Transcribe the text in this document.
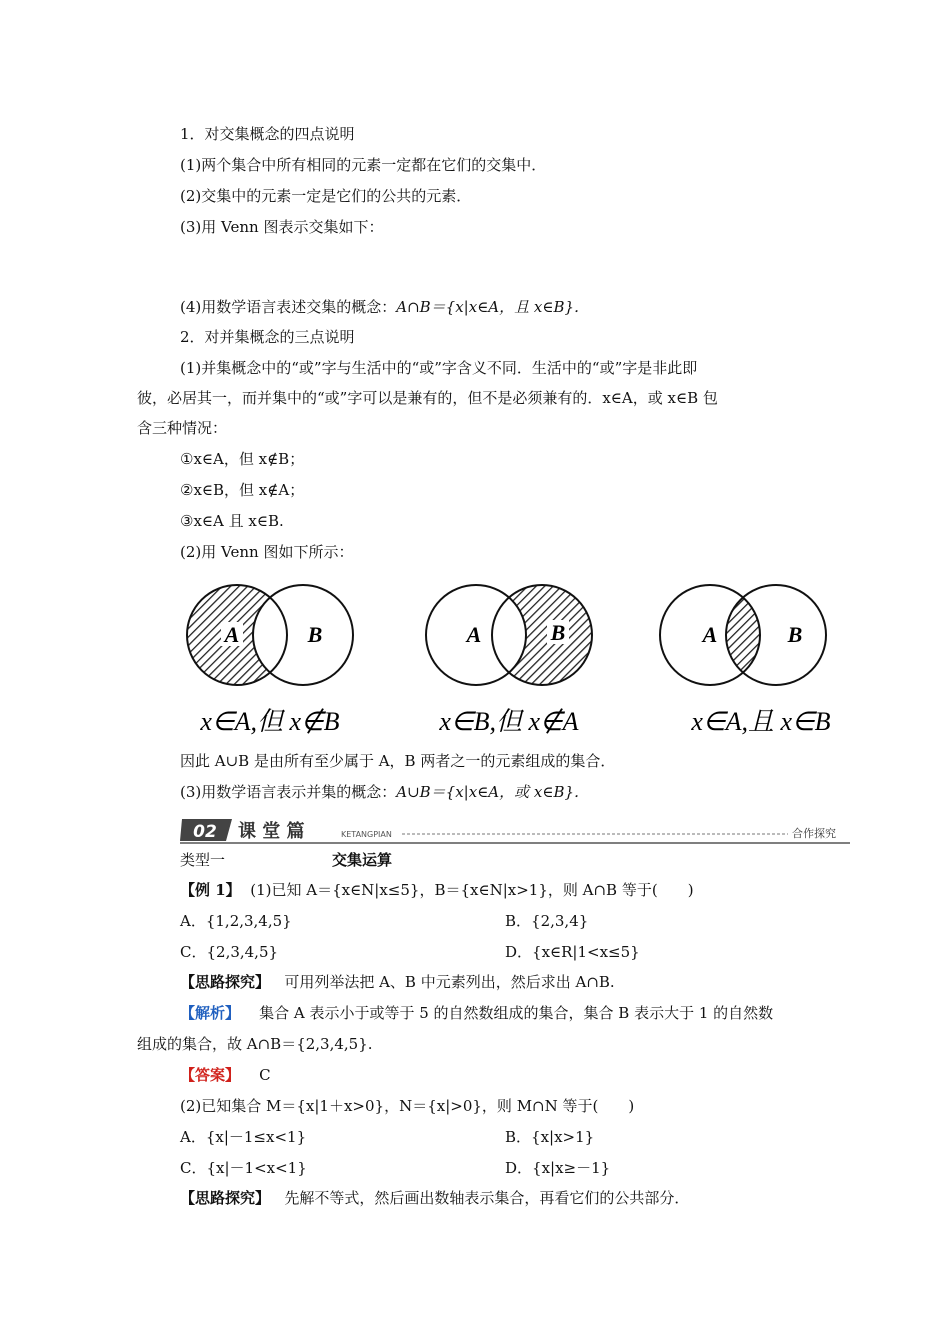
1．对交集概念的四点说明
(1)两个集合中所有相同的元素一定都在它们的交集中．
(2)交集中的元素一定是它们的公共的元素．
(3)用 Venn 图表示交集如下：
(4)用数学语言表述交集的概念：A∩B＝{x|x∈A，且 x∈B}．
2．对并集概念的三点说明
(1)并集概念中的“或”字与生活中的“或”字含义不同．生活中的“或”字是非此即
彼，必居其一，而并集中的“或”字可以是兼有的，但不是必须兼有的．x∈A，或 x∈B 包
含三种情况：
①x∈A，但 x∉B；
②x∈B，但 x∉A；
③x∈A 且 x∈B.
(2)用 Venn 图如下所示：
A	B
x∈A,但 x∉B
A	B
x∈B,但 x∉A
A	B
x∈A,且 x∈B
因此 A∪B 是由所有至少属于 A，B 两者之一的元素组成的集合．
(3)用数学语言表示并集的概念：A∪B＝{x|x∈A，或 x∈B}．
02 课 堂 篇	KETANGPIAN	合作探究
类型一	交集运算
【例 1】 (1)已知 A＝{x∈N|x≤5}，B＝{x∈N|x>1}，则 A∩B 等于(　　)
A．{1,2,3,4,5}	B．{2,3,4}
C．{2,3,4,5}	D．{x∈R|1<x≤5}
【思路探究】 可用列举法把 A、B 中元素列出，然后求出 A∩B.
【解析】 集合 A 表示小于或等于 5 的自然数组成的集合，集合 B 表示大于 1 的自然数
组成的集合，故 A∩B＝{2,3,4,5}.
【答案】 C
(2)已知集合 M＝{x|1＋x>0}，N＝{x|>0}，则 M∩N 等于(　　)
A．{x|－1≤x<1}	B．{x|x>1}
C．{x|－1<x<1}	D．{x|x≥－1}
【思路探究】 先解不等式，然后画出数轴表示集合，再看它们的公共部分．
